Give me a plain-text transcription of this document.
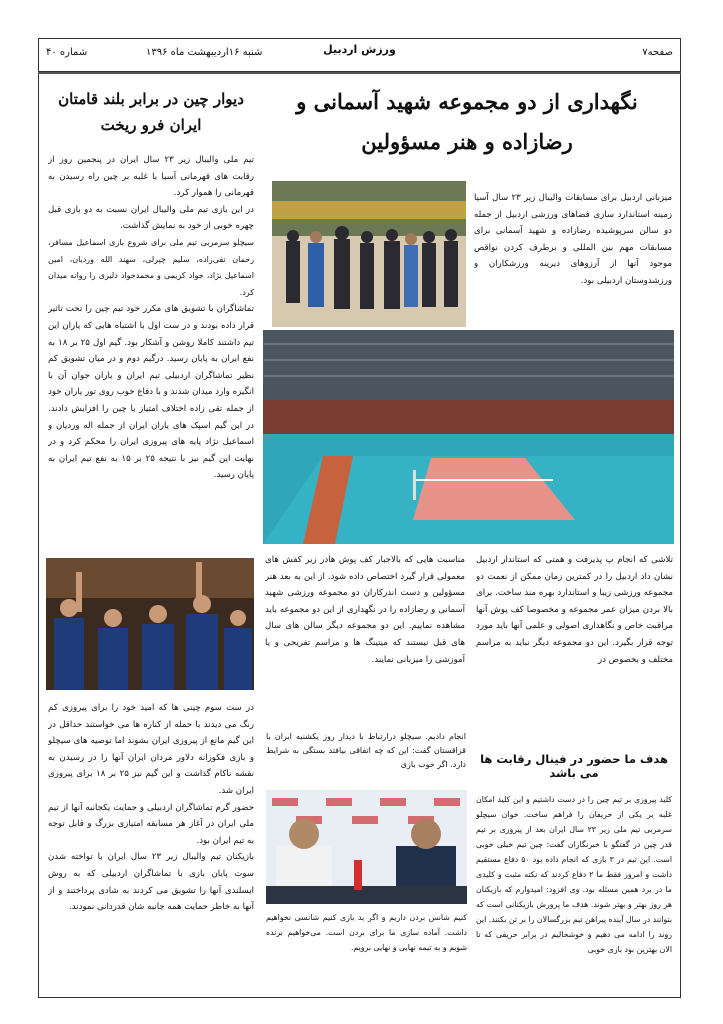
صفحه۷
ورزش اردبیل
شنبه ۱۶اردیبهشت ماه ۱۳۹۶
شماره ۴۰
نگهداری از دو مجموعه شهید آسمانی و رضازاده و هنر مسؤولین
دیوار چین در برابر بلند قامتان ایران فرو ریخت
میزبانی اردبیل برای مسابقات والیبال زیر ۲۳ سال آسیا زمینه استاندارد سازی فضاهای ورزشی اردبیل از جمله دو سالن سرپوشیده رضازاده و شهید آسمانی برای مسابقات مهم بین المللی و برطرف کردن نواقص موجود آنها از آرزوهای دیرینه ورزشکاران و ورزشدوستان اردبیلی بود.
تلاشی که انجام پ پذیرفت و همتی که استاندار اردبیل نشان داد اردبیل را در کمترین زمان ممکن از نعمت دو مجموعه ورزشی زیبا و استاندارد بهره مند ساخت. برای بالا بردن میزان عمر مجموعه و مخصوصا کف پوش آنها مراقبت خاص و نگاهداری اصولی و علمی آنها باید مورد توجه قرار بگیرد. این دو مجموعه دیگر نباید به مراسم مختلف و بخصوص در
مناسبت هایی که بالاجبار کف پوش هادر زیر کفش های معمولی قرار گیرد اختصاص داده شود. از این به بعد هنر مسؤولین و دست اندرکاران دو مجموعه ورزشی شهید آسمانی و رضازاده را در نگهداری از این دو مجموعه باید مشاهده نماییم. این دو مجموعه دیگر سالن های سال های قبل نیستند که میتینگ ها و مراسم تفریحی و یا آموزشی را میزبانی نمایند.

تیم ملی والیبال زیر ۲۳ سال ایران در پنجمین روز از رقابت های قهرمانی آسیا با غلبه بر چین راه رسیدن به قهرمانی را هموار کرد.

در این بازی تیم ملی والیبال ایران نسبت به دو بازی قبل چهره خوبی از خود به نمایش گذاشت.

سیچلو سرمربی تیم ملی برای شروع بازی اسماعیل مسافر، رحمان تقی‌زاده، سلیم چپرلی، سهند الله وردیان، امین اسماعیل نژاد، جواد کریمی و محمدجواد دلیری را روانه میدان کرد.

تماشاگران با تشویق های مکرر خود تیم چین را تحت تاثیر قرار داده بودند و در ست اول با اشتباه هایی که یاران این تیم داشتند کاملا روشن و آشکار بود. گیم اول ۲۵ بر ۱۸ به نفع ایران به پایان رسید. درگیم دوم و در میان تشویق کم نظیر تماشاگران اردبیلی تیم ایران و یاران جوان آن با انگیزه وارد میدان شدند و با دفاع خوب روی تور یاران خود از جمله تقی زاده اختلاف امتیاز با چین را افزایش دادند. در این گیم اسپک های یاران ایران از جمله اله وردیان و اسماعیل نژاد پایه های پیروزی ایران را محکم کرد و در نهایت این گیم نیز با نتیجه ۲۵ بر ۱۵ به نفع تیم ایران به پایان رسید.

در ست سوم چینی ها که امید خود را برای پیروزی کم رنگ می دیدند با حمله از کناره ها می خواستند حداقل در این گیم مانع از پیروزی ایران بشوند اما توصیه های سیچلو و بازی فکورانه دلاور مردان ایران آنها را در رسیدن به نقشه ناکام گذاشت و این گیم نیز ۲۵ بر ۱۸ برای پیروزی ایران شد.

حضور گرم تماشاگران اردبیلی و حمایت یکجانبه آنها از تیم ملی ایران در آغاز هر مسابقه امتیازی بزرگ و قابل توجه به تیم ایران بود.

بازیکنان تیم والیبال زیر ۲۳ سال ایران با تواخته شدن سوت پایان بازی با تماشاگران اردبیلی که به روش ایسلندی آنها را تشویق می کردند به شادی پرداختند و از آنها به خاطر حمایت همه جانبه شان قدردانی نمودند.

انجام دادیم. سیچلو درارتباط با دیدار روز یکشنبه ایران با قزاقستان گفت: این که چه اتفاقی بیافتد بستگی به شرایط دارد. اگر خوب بازی	هدف ما حضور در فینال رقابت ها می باشد
کلید پیروزی بر تیم چین را در دست داشتیم و این کلید امکان غلبه بر یکی از حریفان را فراهم ساخت. خوان سیچلو سرمربی تیم ملی زیر ۲۳ سال ایران بعد از پیروزی بر تیم قدر چین در گفتگو با خبرنگاران گفت: چین تیم خیلی خوبی است. این تیم در ۳ بازی که انجام داده بود ۵۰ دفاع مستقیم داشت و امروز فقط ما ۲ دفاع کردند که نکته مثبت و کلیدی ما در برد همین مسئله بود. وی افزود: امیدوارم که بازیکنان هر روز بهتر و بهتر شوند. هدف ما پرورش بازیکنانی است که بتوانند در سال آینده پیراهن تیم بزرگسالان را بر تن بکنند. این روند را ادامه می دهیم و خوشحالیم در برابر حریفی که تا الان بهترین بود بازی خوبی
کنیم شانس بردن داریم و اگر بد بازی کنیم شانسی نخواهیم داشت. آماده سازی ما برای بردن است. می‌خواهیم برنده شویم و به تیمه نهایی و نهایی برویم.
